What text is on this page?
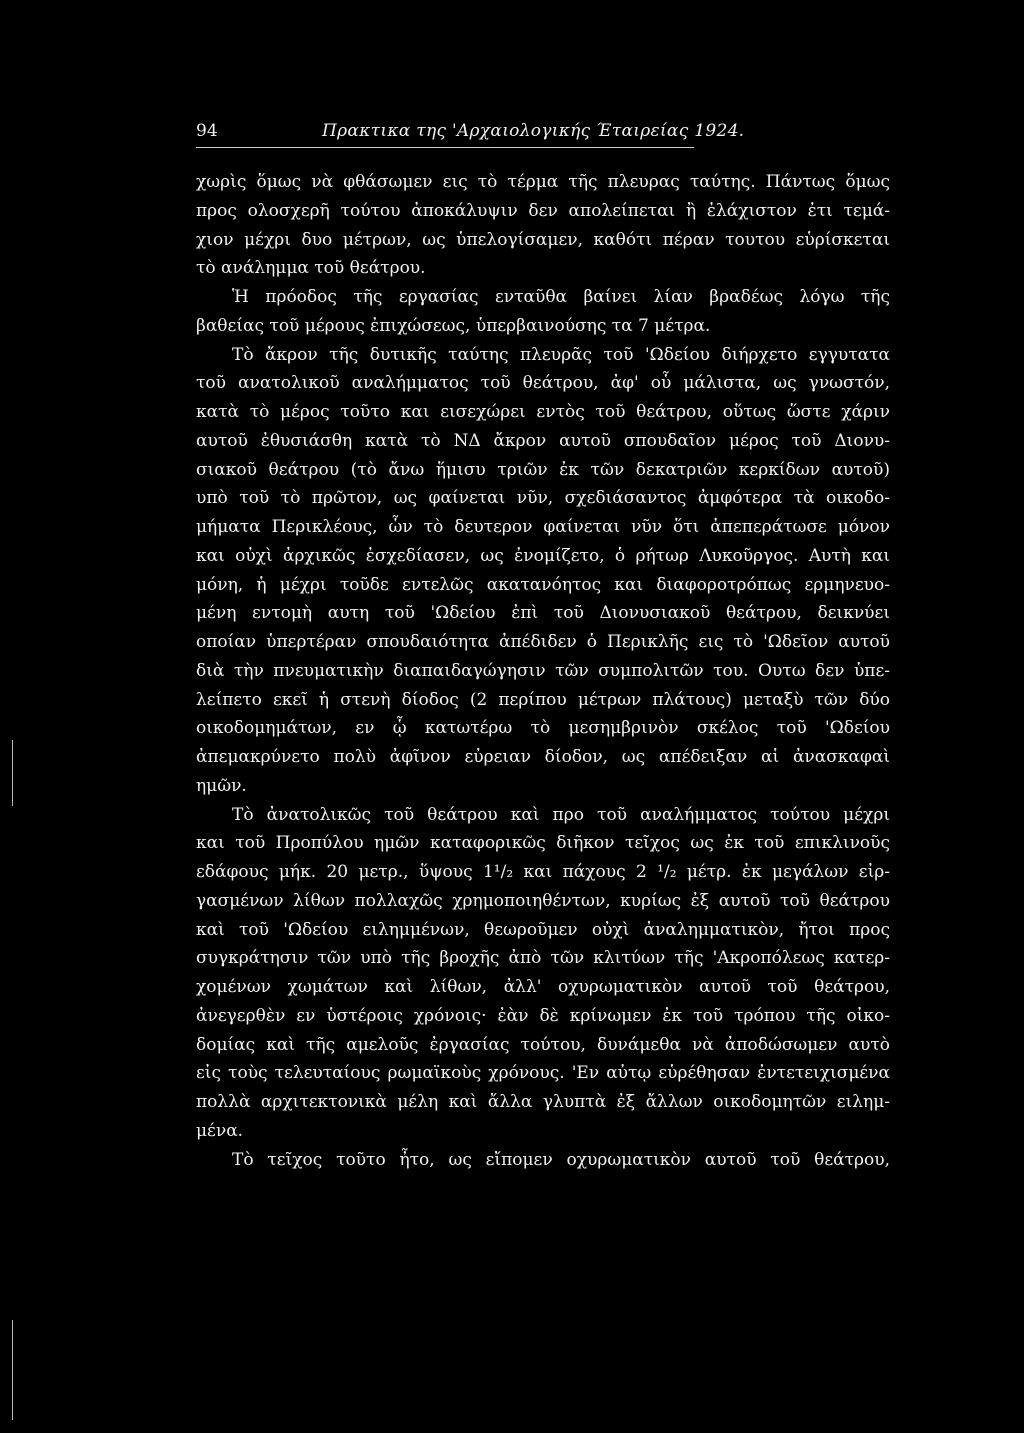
94	Πρακτικα της 'Αρχαιολογικής Έταιρείας 1924.
χωρὶς ὅμως νὰ φθάσωμεν εις τὸ τέρμα τῆς πλευρας ταύτης. Πάντως ὅμως
προς ολοσχερῆ τούτου ἀποκάλυψιν δεν απολείπεται ἢ ἐλάχιστον ἐτι τεμά-
χιον μέχρι δυο μέτρων, ως ὑπελογίσαμεν, καθότι πέραν τουτου εὑρίσκεται
τὸ ανάλημμα τοῦ θεάτρου.
Ἡ πρόοδος τῆς εργασίας ενταῦθα βαίνει λίαν βραδέως λόγω τῆς
βαθείας τοῦ μέρους ἐπιχώσεως, ὑπερβαινούσης τα 7 μέτρα.
Τὸ ἄκρον τῆς δυτικῆς ταύτης πλευρᾶς τοῦ 'Ωδείου διήρχετο εγγυτατα
τοῦ ανατολικοῦ αναλήμματος τοῦ θεάτρου, ἀφ' οὗ μάλιστα, ως γνωστόν,
κατὰ τὸ μέρος τοῦτο και εισεχώρει εντὸς τοῦ θεάτρου, οὕτως ὥστε χάριν
αυτοῦ ἐθυσιάσθη κατὰ τὸ ΝΔ ἄκρον αυτοῦ σπουδαῖον μέρος τοῦ Διονυ-
σιακοῦ θεάτρου (τὸ ἄνω ἥμισυ τριῶν ἐκ τῶν δεκατριῶν κερκίδων αυτοῦ)
υπὸ τοῦ τὸ πρῶτον, ως φαίνεται νῦν, σχεδιάσαντος ἀμφότερα τὰ οικοδο-
μήματα Περικλέους, ὧν τὸ δευτερον φαίνεται νῦν ὅτι ἀπεπεράτωσε μόνον
και οὐχὶ ἀρχικῶς ἐσχεδίασεν, ως ἐνομίζετο, ὁ ρήτωρ Λυκοῦργος. Αυτὴ και
μόνη, ἡ μέχρι τοῦδε εντελῶς ακατανόητος και διαφοροτρόπως ερμηνευο-
μένη εντομὴ αυτη τοῦ 'Ωδείου ἐπὶ τοῦ Διονυσιακοῦ θεάτρου, δεικνύει
οποίαν ὑπερτέραν σπουδαιότητα ἀπέδιδεν ὁ Περικλῆς εις τὸ 'Ωδεῖον αυτοῦ
διὰ τὴν πνευματικὴν διαπαιδαγώγησιν τῶν συμπολιτῶν του. Ουτω δεν ὑπε-
λείπετο εκεῖ ἡ στενὴ δίοδος (2 περίπου μέτρων πλάτους) μεταξὺ τῶν δύο
οικοδομημάτων, εν ᾧ κατωτέρω τὸ μεσημβρινὸν σκέλος τοῦ 'Ωδείου
ἀπεμακρύνετο πολὺ ἀφῖνον εὐρειαν δίοδον, ως απέδειξαν αἱ ἀνασκαφαὶ
ημῶν.
Τὸ ἀνατολικῶς τοῦ θεάτρου καὶ προ τοῦ αναλήμματος τούτου μέχρι
και τοῦ Προπύλου ημῶν καταφορικῶς διῆκον τεῖχος ως ἐκ τοῦ επικλινοῦς
εδάφους μήκ. 20 μετρ., ὕψους 1¹/₂ και πάχους 2 ¹/₂ μέτρ. ἐκ μεγάλων εἰρ-
γασμένων λίθων πολλαχῶς χρημοποιηθέντων, κυρίως ἐξ αυτοῦ τοῦ θεάτρου
καὶ τοῦ 'Ωδείου ειλημμένων, θεωροῦμεν οὐχὶ ἀναλημματικὸν, ἤτοι προς
συγκράτησιν τῶν υπὸ τῆς βροχῆς ἀπὸ τῶν κλιτύων τῆς 'Ακροπόλεως κατερ-
χομένων χωμάτων καὶ λίθων, ἀλλ' οχυρωματικὸν αυτοῦ τοῦ θεάτρου,
ἀνεγερθὲν εν ὑστέροις χρόνοις· ἐὰν δὲ κρίνωμεν ἐκ τοῦ τρόπου τῆς οἰκο-
δομίας καὶ τῆς αμελοῦς ἐργασίας τούτου, δυνάμεθα νὰ ἀποδώσωμεν αυτὸ
εἰς τοὺς τελευταίους ρωμαϊκοὺς χρόνους. 'Εν αὐτῳ εὑρέθησαν ἐντετειχισμένα
πολλὰ αρχιτεκτονικὰ μέλη καὶ ἄλλα γλυπτὰ ἐξ ἄλλων οικοδομητῶν ειλημ-
μένα.
Τὸ τεῖχος τοῦτο ἦτο, ως εἴπομεν οχυρωματικὸν αυτοῦ τοῦ θεάτρου,
